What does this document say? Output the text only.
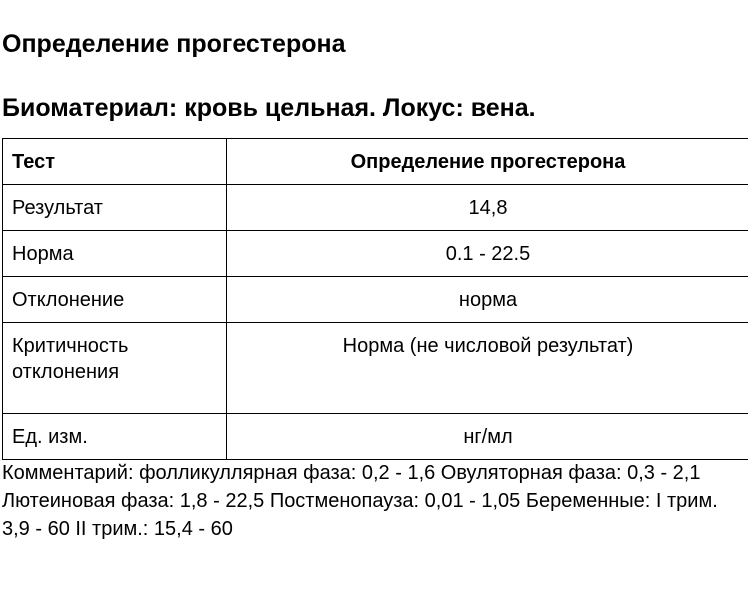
Определение прогестерона
Биоматериал: кровь цельная. Локус: вена.
Тест	Определение прогестерона
Результат	14,8
Норма	0.1 - 22.5
Отклонение	норма
Критичность отклонения	Норма (не числовой результат)
Ед. изм.	нг/мл

Комментарий: фолликуллярная фаза: 0,2 - 1,6 Овуляторная фаза: 0,3 - 2,1 Лютеиновая фаза: 1,8 - 22,5 Постменопауза: 0,01 - 1,05 Беременные: I трим. 3,9 - 60 II трим.: 15,4 - 60
